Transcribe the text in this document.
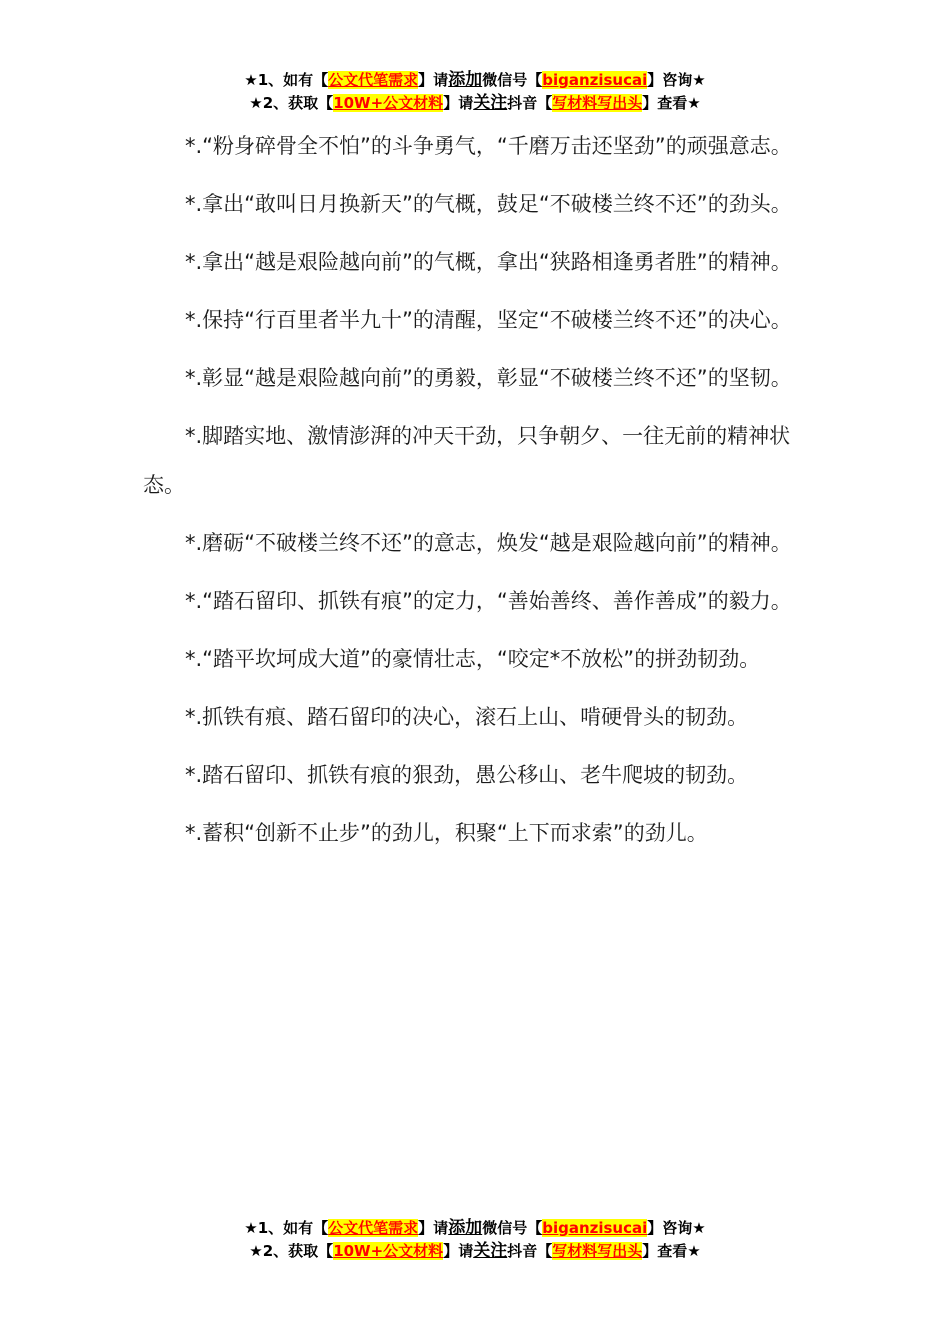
★1、如有【公文代笔需求】请添加微信号【biganzisucai】咨询★
★2、获取【10W+公文材料】请关注抖音【写材料写出头】查看★

*.“粉身碎骨全不怕”的斗争勇气，“千磨万击还坚劲”的顽强意志。

*.拿出“敢叫日月换新天”的气概，鼓足“不破楼兰终不还”的劲头。

*.拿出“越是艰险越向前”的气概，拿出“狭路相逢勇者胜”的精神。

*.保持“行百里者半九十”的清醒，坚定“不破楼兰终不还”的决心。

*.彰显“越是艰险越向前”的勇毅，彰显“不破楼兰终不还”的坚韧。

*.脚踏实地、激情澎湃的冲天干劲，只争朝夕、一往无前的精神状态。

*.磨砺“不破楼兰终不还”的意志，焕发“越是艰险越向前”的精神。

*.“踏石留印、抓铁有痕”的定力，“善始善终、善作善成”的毅力。

*.“踏平坎坷成大道”的豪情壮志，“咬定*不放松”的拼劲韧劲。

*.抓铁有痕、踏石留印的决心，滚石上山、啃硬骨头的韧劲。

*.踏石留印、抓铁有痕的狠劲，愚公移山、老牛爬坡的韧劲。

*.蓄积“创新不止步”的劲儿，积聚“上下而求索”的劲儿。

★1、如有【公文代笔需求】请添加微信号【biganzisucai】咨询★
★2、获取【10W+公文材料】请关注抖音【写材料写出头】查看★
